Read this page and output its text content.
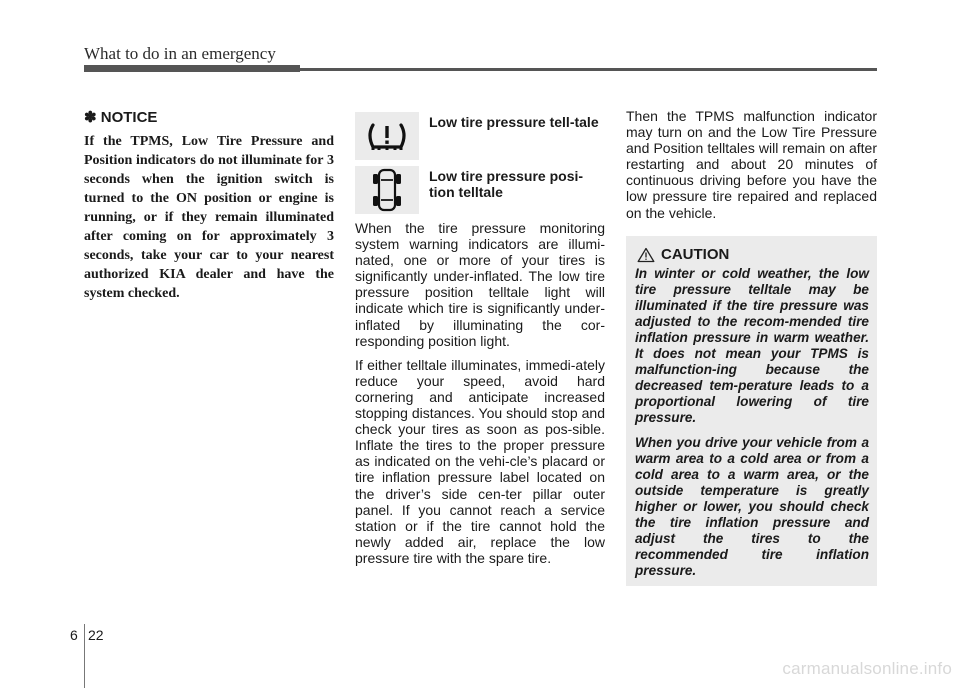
What to do in an emergency

✽ NOTICE

If the TPMS, Low Tire Pressure and Position indicators do not illuminate for 3 seconds when the ignition switch is turned to the ON position or engine is running, or if they remain illuminated after coming on for approximately 3 seconds, take your car to your nearest authorized KIA dealer and have the system checked.

Low tire pressure tell-tale
Low tire pressure posi-tion telltale

When the tire pressure monitoring system warning indicators are illumi-nated, one or more of your tires is significantly under-inflated. The low tire pressure position telltale light will indicate which tire is significantly under-inflated by illuminating the cor-responding position light.

If either telltale illuminates, immedi-ately reduce your speed, avoid hard cornering and anticipate increased stopping distances. You should stop and check your tires as soon as pos-sible. Inflate the tires to the proper pressure as indicated on the vehi-cle’s placard or tire inflation pressure label located on the driver’s side cen-ter pillar outer panel. If you cannot reach a service station or if the tire cannot hold the newly added air, replace the low pressure tire with the spare tire.

Then the TPMS malfunction indicator may turn on and the Low Tire Pressure and Position telltales will remain on after restarting and about 20 minutes of continuous driving before you have the low pressure tire repaired and replaced on the vehicle.

CAUTION

In winter or cold weather, the low tire pressure telltale may be illuminated if the tire pressure was adjusted to the recom-mended tire inflation pressure in warm weather. It does not mean your TPMS is malfunction-ing because the decreased tem-perature leads to a proportional lowering of tire pressure.

When you drive your vehicle from a warm area to a cold area or from a cold area to a warm area, or the outside temperature is greatly higher or lower, you should check the tire inflation pressure and adjust the tires to the recommended tire inflation pressure.

6 22
carmanualsonline.info
